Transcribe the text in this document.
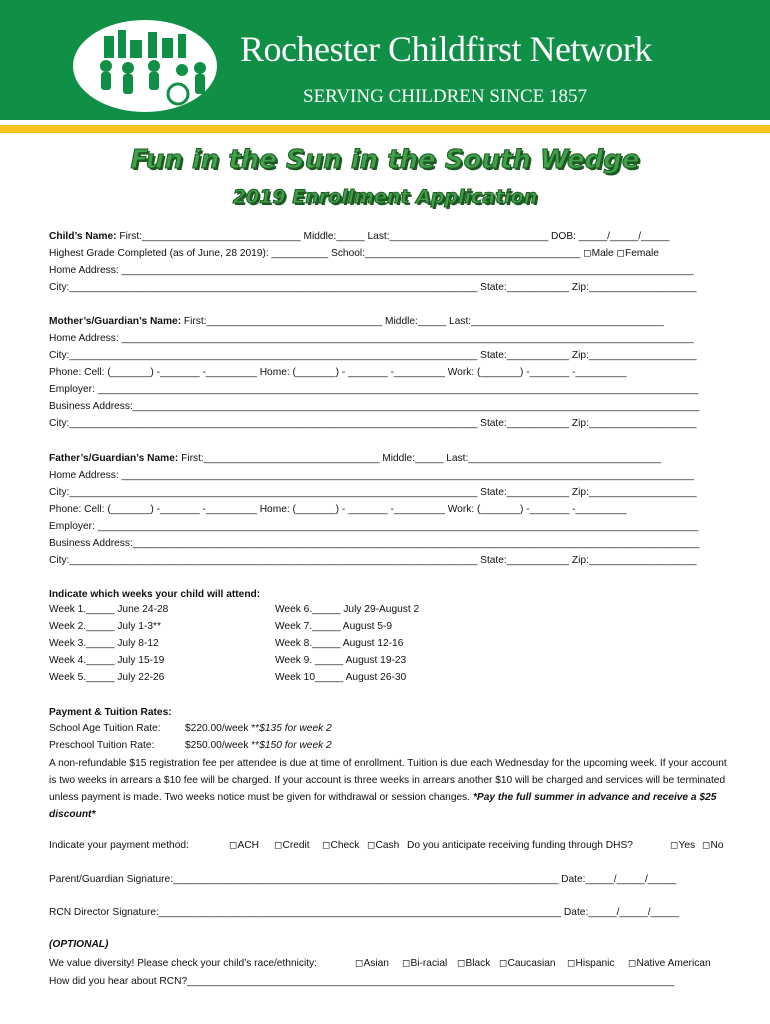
Rochester Childfirst Network
SERVING CHILDREN SINCE 1857
Fun in the Sun in the South Wedge
2019 Enrollment Application
Child’s Name: First:____________________________ Middle:_____ Last:____________________________ DOB: _____/_____/_____
Highest Grade Completed (as of June, 28 2019): __________ School:______________________________________ ◻Male ◻Female
Home Address: _____________________________________________________________________________________________________
City:________________________________________________________________________ State:___________ Zip:___________________
Mother’s/Guardian’s Name: First:_______________________________ Middle:_____ Last:__________________________________
Home Address: _____________________________________________________________________________________________________
City:________________________________________________________________________ State:___________ Zip:___________________
Phone: Cell: (_______) -_______ -_________ Home: (_______) - _______ -_________ Work: (_______) -_______ -_________
Employer: __________________________________________________________________________________________________________
Business Address:____________________________________________________________________________________________________
City:________________________________________________________________________ State:___________ Zip:___________________
Father’s/Guardian’s Name: First:_______________________________ Middle:_____ Last:__________________________________
Home Address: _____________________________________________________________________________________________________
City:________________________________________________________________________ State:___________ Zip:___________________
Phone: Cell: (_______) -_______ -_________ Home: (_______) - _______ -_________ Work: (_______) -_______ -_________
Employer: __________________________________________________________________________________________________________
Business Address:____________________________________________________________________________________________________
City:________________________________________________________________________ State:___________ Zip:___________________
Indicate which weeks your child will attend:
Week 1._____ June 24-28
Week 2._____ July 1-3**
Week 3._____ July 8-12
Week 4._____ July 15-19
Week 5._____ July 22-26
Week 6._____ July 29-August 2
Week 7._____ August 5-9
Week 8._____ August 12-16
Week 9. _____ August 19-23
Week 10_____ August 26-30
Payment & Tuition Rates:
School Age Tuition Rate: $220.00/week **$135 for week 2
Preschool Tuition Rate:	$250.00/week **$150 for week 2
A non-refundable $15 registration fee per attendee is due at time of enrollment. Tuition is due each Wednesday for the upcoming week. If your account is two weeks in arrears a $10 fee will be charged. If your account is three weeks in arrears another $10 will be charged and services will be terminated unless payment is made. Two weeks notice must be given for withdrawal or session changes. *Pay the full summer in advance and receive a $25 discount*
Indicate your payment method:	◻ACH ◻Credit ◻Check ◻Cash Do you anticipate receiving funding through DHS?	◻Yes ◻No
Parent/Guardian Signature:____________________________________________________________________ Date:_____/_____/_____
RCN Director Signature:_______________________________________________________________________ Date:_____/_____/_____
(OPTIONAL)
We value diversity! Please check your child’s race/ethnicity:	◻Asian ◻Bi-racial ◻Black ◻Caucasian ◻Hispanic ◻Native American
How did you hear about RCN?______________________________________________________________________________________
